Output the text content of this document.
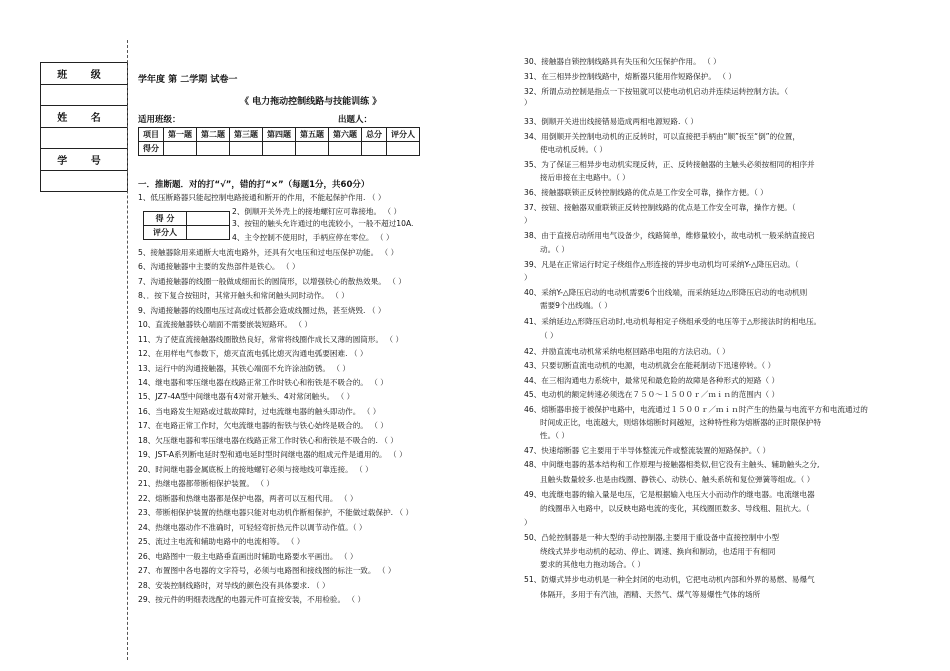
班 级
姓 名
学 号
学年度 第 二学期 试卷一
《 电力拖动控制线路与技能训练 》
适用班级：	出题人：
项目	第一题	第二题	第三题	第四题	第五题	第六题	总分	评分人
得分								
一．推断题．对的打“√”，错的打“×”（每题1分，共60分）
得 分	
评分人	
1、低压断路器只能起控制电路接通和断开的作用，不能起保护作用. （ ）
2、倒顺开关外壳上的接地螺钉应可靠接地。 （ ）
3、按钮的触头允许通过的电流较小，一般不超过10A.
4、主令控制不使用时，手柄应停在零位。 （ ）
5、接触器除用来通断大电流电路外，还具有欠电压和过电压保护功能。 （ ）
6、沟通接触器中主要的发热部件是铁心。 （ ）
7、沟通接触器的线圈一般做成细而长的圆筒形，以增强铁心的散热效果。 （ ）
8、．按下复合按钮时，其常开触头和常闭触头同时动作。 （ ）
9、沟通接触器的线圈电压过高或过低都会造成线圈过热，甚至烧毁. （ ）
10、直流接触器铁心端面不需要嵌装短路环。 （ ）
11、为了使直流接触器线圈散热良好，常常将线圈作成长又薄的圆筒形。 （ ）
12、在用样电气参数下，熄灭直流电弧比熄灭沟通电弧要困难. （ ）
13、运行中的沟通接触器，其铁心端面不允许涂油防锈。 （ ）
14、继电器和零压继电器在线路正常工作时铁心和衔铁是不吸合的。 （ ）
15、JZ7-4A型中间继电器有4对常开触头、4对常闭触头。 （ ）
16、当电路发生短路或过载故障时，过电流继电器的触头即动作。 （ ）
17、在电路正常工作时，欠电流继电器的衔铁与铁心始终是吸合的。 （ ）
18、欠压继电器和零压继电器在线路正常工作时铁心和衔铁是不吸合的. （ ）
19、JST-A系列断电延时型和通电延时型时间继电器的组成元件是通用的。 （ ）
20、时间继电器金属底板上的接地螺钉必须与接地线可靠连接。 （ ）
21、热继电器都带断相保护装置。 （ ）
22、熔断器和热继电器都是保护电器，两者可以互相代用。 （ ）
23、带断相保护装置的热继电器只能对电动机作断相保护，不能做过载保护. （ ）
24、热继电器动作不准确时，可轻轻弯折热元件以调节动作值。（ ）
25、流过主电流和辅助电路中的电流相等。 （ ）
26、电路图中一般主电路垂直画出时辅助电路要水平画出。 （ ）
27、布置图中各电器的文字符号，必须与电路图和接线图的标注一致。 （ ）
28、安装控制线路时，对导线的颜色没有具体要求. （ ）
29、按元件的明细表选配的电器元件可直接安装，不用检验。 （ ）
30、接触器自锁控制线路具有失压和欠压保护作用。 （ ）
31、在三相异步控制线路中，熔断器只能用作短路保护。 （ ）
32、所谓点动控制是指点一下按钮就可以使电动机启动并连续运转控制方法。（
）
33、倒顺开关进出线接错易造成两相电源短路.（ ）
34、用倒顺开关控制电动机的正反转时，可以直接把手柄由“顺”扳至“倒”的位置，
使电动机反转。（ ）
35、为了保证三相异步电动机实现反转，正、反转接触器的主触头必须按相同的相序并
接后串接在主电路中。（ ）
36、接触器联锁正反转控制线路的优点是工作安全可靠，操作方便。（ ）
37、按钮、接触器双重联锁正反转控制线路的优点是工作安全可靠，操作方便。（
）
38、由于直接启动所用电气设备少，线路简单，维修量较小，故电动机一般采纳直接启
动。（ ）
39、凡是在正常运行时定子绕组作△形连接的异步电动机均可采纳Y-△降压启动。（
）
40、采纳Y-△降压启动的电动机需要6个出线端，而采纳延边△形降压启动的电动机则
需要9个出线端。（ ）
41、采纳延边△形降压启动时,电动机每相定子绕组承受的电压等于△形接法时的相电压。
（ ）
42、并励直流电动机常采纳电枢回路串电阻的方法启动。（ ）
43、只要切断直流电动机的电源，电动机就会在能耗制动下迅速停转。（ ）
44、在三相沟通电力系统中，最常见和最危险的故障是各种形式的短路（ ）
45、电动机的额定转速必须选在７５０～１５００ｒ／ｍｉｎ的范围内（ ）
46、熔断器串接于被保护电路中，电流通过１５００ｒ／ｍｉｎ时产生的热量与电流平方和电流通过的
时间成正比，电流越大，则熔体熔断时间越短，这种特性称为熔断器的正时限保护特
性。（ ）
47、快速熔断器 它主要用于半导体整流元件或整流装置的短路保护。（ ）
48、中间继电器的基本结构和工作原理与接触器相类似,但它没有主触头、辅助触头之分,
且触头数量较多.也是由线圈、静铁心、动铁心、触头系统和复位弹簧等组成。（ ）
49、电流继电器的输入量是电压，它是根据输入电压大小而动作的继电器。电流继电器
的线圈串入电路中，以反映电路电流的变化，其线圈匝数多、导线粗、阻抗大。（
）
50、凸轮控制器是一种大型的手动控制器,主要用于重设备中直接控制中小型
绕线式异步电动机的起动、停止、调速、换向和制动，也适用于有相同
要求的其他电力拖动场合。（ ）
51、防爆式异步电动机是一种全封闭的电动机，它把电动机内部和外界的易燃、易爆气
体隔开，多用于有汽油，酒精、天然气、煤气等易爆性气体的场所
